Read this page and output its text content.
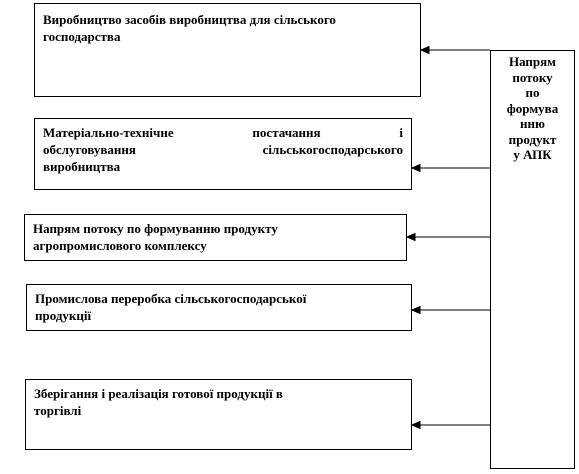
Виробництво засобів виробництва для сільського
господарства
Матеріально-технічне постачання і
обслуговування сільськогосподарського
виробництва
Напрям потоку по формуванню продукту
агропромислового комплексу
Промислова переробка сільськогосподарської
продукції
Зберігання і реалізація готової продукції в
торгівлі
Напрям
потоку
по
формува
нню
продукт
у АПК
